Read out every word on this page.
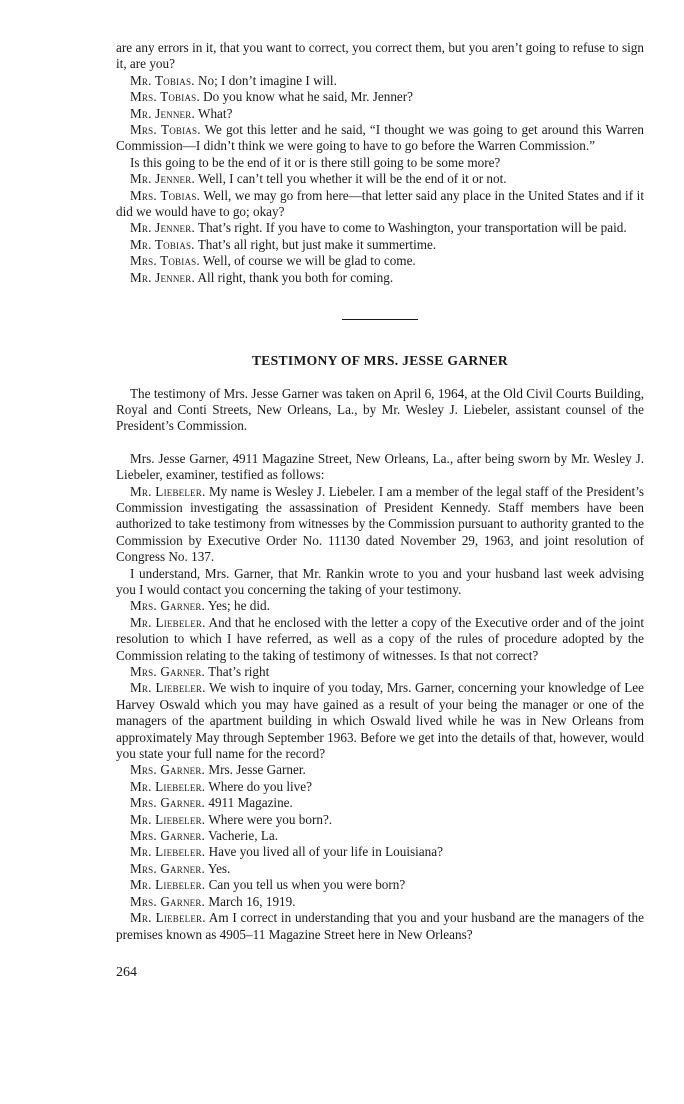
are any errors in it, that you want to correct, you correct them, but you aren’t going to refuse to sign it, are you?

Mr. Tobias. No; I don’t imagine I will.

Mrs. Tobias. Do you know what he said, Mr. Jenner?

Mr. Jenner. What?

Mrs. Tobias. We got this letter and he said, “I thought we was going to get around this Warren Commission—I didn’t think we were going to have to go before the Warren Commission.”

Is this going to be the end of it or is there still going to be some more?

Mr. Jenner. Well, I can’t tell you whether it will be the end of it or not.

Mrs. Tobias. Well, we may go from here—that letter said any place in the United States and if it did we would have to go; okay?

Mr. Jenner. That’s right. If you have to come to Washington, your transportation will be paid.

Mr. Tobias. That’s all right, but just make it summertime.

Mrs. Tobias. Well, of course we will be glad to come.

Mr. Jenner. All right, thank you both for coming.

TESTIMONY OF MRS. JESSE GARNER

The testimony of Mrs. Jesse Garner was taken on April 6, 1964, at the Old Civil Courts Building, Royal and Conti Streets, New Orleans, La., by Mr. Wesley J. Liebeler, assistant counsel of the President’s Commission.

Mrs. Jesse Garner, 4911 Magazine Street, New Orleans, La., after being sworn by Mr. Wesley J. Liebeler, examiner, testified as follows:

Mr. Liebeler. My name is Wesley J. Liebeler. I am a member of the legal staff of the President’s Commission investigating the assassination of President Kennedy. Staff members have been authorized to take testimony from witnesses by the Commission pursuant to authority granted to the Commission by Executive Order No. 11130 dated November 29, 1963, and joint resolution of Congress No. 137.

I understand, Mrs. Garner, that Mr. Rankin wrote to you and your husband last week advising you I would contact you concerning the taking of your testimony.

Mrs. Garner. Yes; he did.

Mr. Liebeler. And that he enclosed with the letter a copy of the Executive order and of the joint resolution to which I have referred, as well as a copy of the rules of procedure adopted by the Commission relating to the taking of testimony of witnesses. Is that not correct?

Mrs. Garner. That’s right

Mr. Liebeler. We wish to inquire of you today, Mrs. Garner, concerning your knowledge of Lee Harvey Oswald which you may have gained as a result of your being the manager or one of the managers of the apartment building in which Oswald lived while he was in New Orleans from approximately May through September 1963. Before we get into the details of that, however, would you state your full name for the record?

Mrs. Garner. Mrs. Jesse Garner.

Mr. Liebeler. Where do you live?

Mrs. Garner. 4911 Magazine.

Mr. Liebeler. Where were you born?.

Mrs. Garner. Vacherie, La.

Mr. Liebeler. Have you lived all of your life in Louisiana?

Mrs. Garner. Yes.

Mr. Liebeler. Can you tell us when you were born?

Mrs. Garner. March 16, 1919.

Mr. Liebeler. Am I correct in understanding that you and your husband are the managers of the premises known as 4905–11 Magazine Street here in New Orleans?

264
